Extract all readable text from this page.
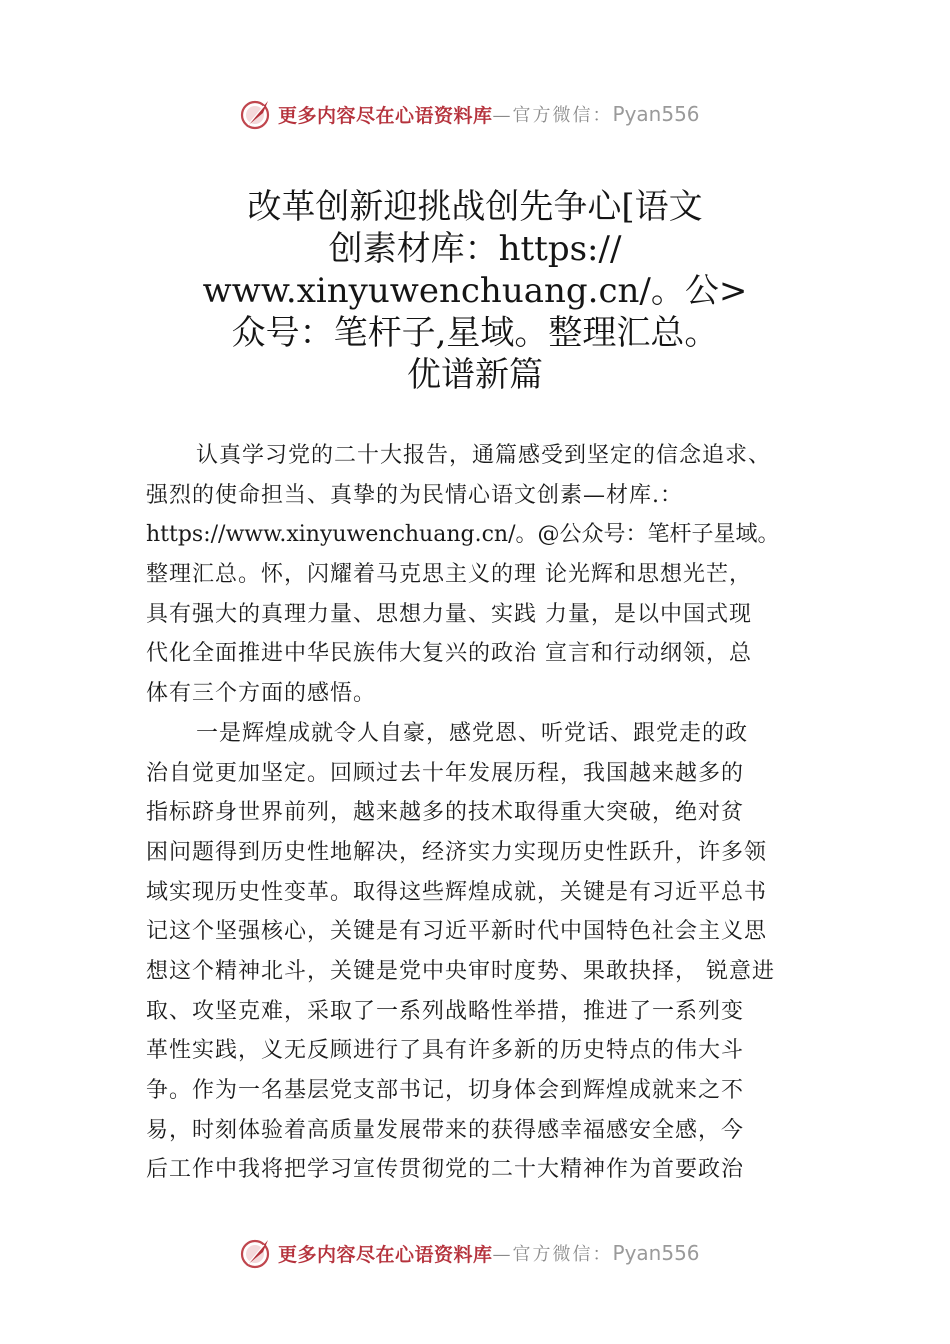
更多内容尽在心语资料库 —官方微信： Pyan556
改革创新迎挑战创先争心[语文
创素材库：https://
www.xinyuwenchuang.cn/。公>
众号：笔杆子,星域。整理汇总。
优谱新篇
认真学习党的二十大报告，通篇感受到坚定的信念追求、
强烈的使命担当、真挚的为民情心语文创素—材库.：
https://www.xinyuwenchuang.cn/。@公众号：笔杆子星域。
整理汇总。怀，闪耀着马克思主义的理 论光辉和思想光芒，
具有强大的真理力量、思想力量、实践 力量，是以中国式现
代化全面推进中华民族伟大复兴的政治 宣言和行动纲领，总
体有三个方面的感悟。
一是辉煌成就令人自豪，感党恩、听党话、跟党走的政
治自觉更加坚定。回顾过去十年发展历程，我国越来越多的
指标跻身世界前列，越来越多的技术取得重大突破，绝对贫
困问题得到历史性地解决，经济实力实现历史性跃升，许多领
域实现历史性变革。取得这些辉煌成就，关键是有习近平总书
记这个坚强核心，关键是有习近平新时代中国特色社会主义思
想这个精神北斗，关键是党中央审时度势、果敢抉择， 锐意进
取、攻坚克难，采取了一系列战略性举措，推进了一系列变
革性实践，义无反顾进行了具有许多新的历史特点的伟大斗
争。作为一名基层党支部书记，切身体会到辉煌成就来之不
易，时刻体验着高质量发展带来的获得感幸福感安全感，今
后工作中我将把学习宣传贯彻党的二十大精神作为首要政治
更多内容尽在心语资料库 —官方微信： Pyan556
